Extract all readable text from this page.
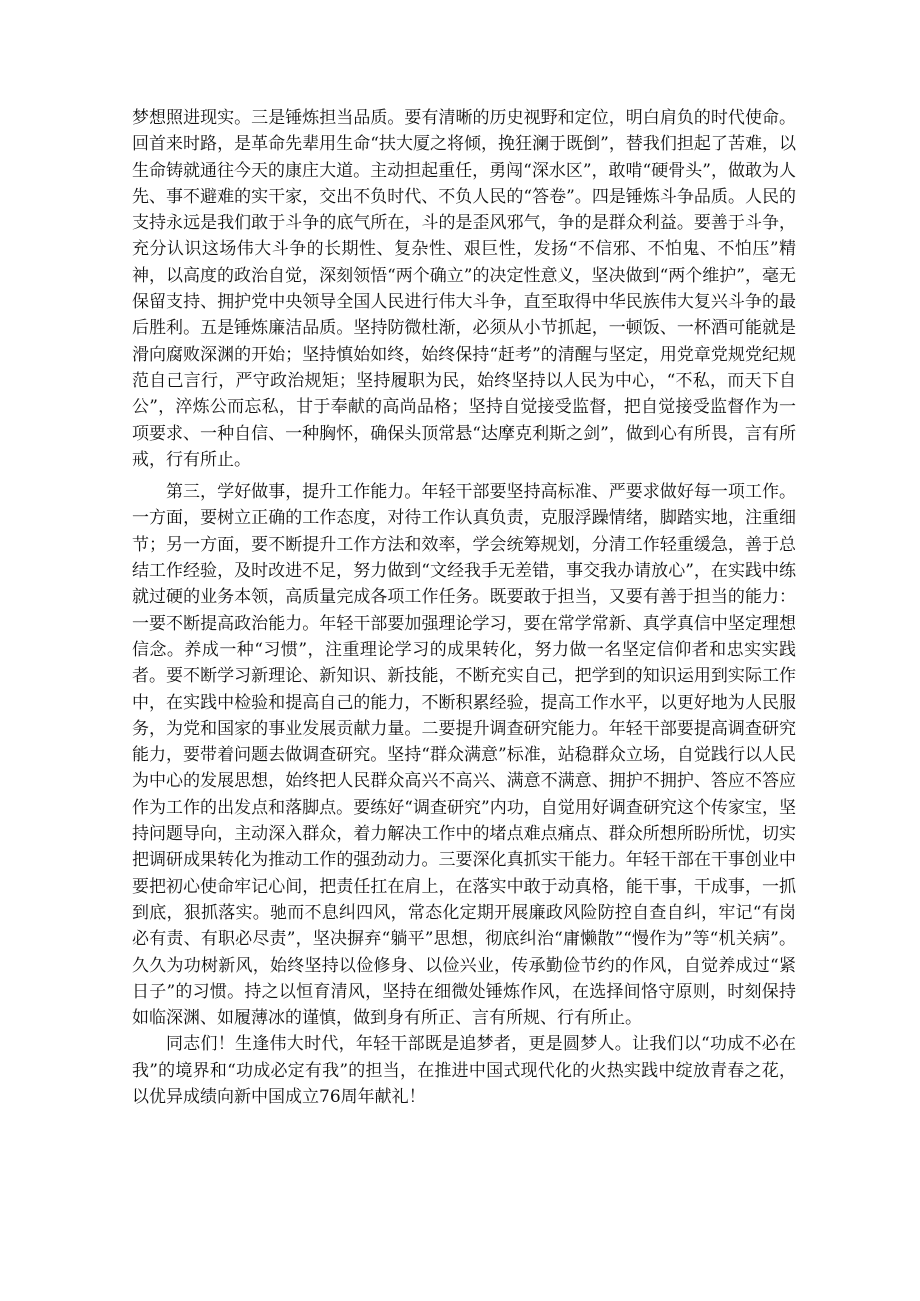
梦想照进现实。三是锤炼担当品质。要有清晰的历史视野和定位，明白肩负的时代使命。回首来时路，是革命先辈用生命“扶大厦之将倾，挽狂澜于既倒”，替我们担起了苦难，以生命铸就通往今天的康庄大道。主动担起重任，勇闯“深水区”，敢啃“硬骨头”，做敢为人先、事不避难的实干家，交出不负时代、不负人民的“答卷”。四是锤炼斗争品质。人民的支持永远是我们敢于斗争的底气所在，斗的是歪风邪气，争的是群众利益。要善于斗争，充分认识这场伟大斗争的长期性、复杂性、艰巨性，发扬“不信邪、不怕鬼、不怕压”精神，以高度的政治自觉，深刻领悟“两个确立”的决定性意义，坚决做到“两个维护”，毫无保留支持、拥护党中央领导全国人民进行伟大斗争，直至取得中华民族伟大复兴斗争的最后胜利。五是锤炼廉洁品质。坚持防微杜渐，必须从小节抓起，一顿饭、一杯酒可能就是滑向腐败深渊的开始；坚持慎始如终，始终保持“赶考”的清醒与坚定，用党章党规党纪规范自己言行，严守政治规矩；坚持履职为民，始终坚持以人民为中心，“不私，而天下自公”，淬炼公而忘私，甘于奉献的高尚品格；坚持自觉接受监督，把自觉接受监督作为一项要求、一种自信、一种胸怀，确保头顶常悬“达摩克利斯之剑”，做到心有所畏，言有所戒，行有所止。

第三，学好做事，提升工作能力。年轻干部要坚持高标准、严要求做好每一项工作。一方面，要树立正确的工作态度，对待工作认真负责，克服浮躁情绪，脚踏实地，注重细节；另一方面，要不断提升工作方法和效率，学会统筹规划，分清工作轻重缓急，善于总结工作经验，及时改进不足，努力做到“文经我手无差错，事交我办请放心”，在实践中练就过硬的业务本领，高质量完成各项工作任务。既要敢于担当，又要有善于担当的能力：一要不断提高政治能力。年轻干部要加强理论学习，要在常学常新、真学真信中坚定理想信念。养成一种“习惯”，注重理论学习的成果转化，努力做一名坚定信仰者和忠实实践者。要不断学习新理论、新知识、新技能，不断充实自己，把学到的知识运用到实际工作中，在实践中检验和提高自己的能力，不断积累经验，提高工作水平，以更好地为人民服务，为党和国家的事业发展贡献力量。二要提升调查研究能力。年轻干部要提高调查研究能力，要带着问题去做调查研究。坚持“群众满意”标准，站稳群众立场，自觉践行以人民为中心的发展思想，始终把人民群众高兴不高兴、满意不满意、拥护不拥护、答应不答应作为工作的出发点和落脚点。要练好“调查研究”内功，自觉用好调查研究这个传家宝，坚持问题导向，主动深入群众，着力解决工作中的堵点难点痛点、群众所想所盼所忧，切实把调研成果转化为推动工作的强劲动力。三要深化真抓实干能力。年轻干部在干事创业中要把初心使命牢记心间，把责任扛在肩上，在落实中敢于动真格，能干事，干成事，一抓到底，狠抓落实。驰而不息纠四风，常态化定期开展廉政风险防控自查自纠，牢记“有岗必有责、有职必尽责”，坚决摒弃“躺平”思想，彻底纠治“庸懒散”“慢作为”等“机关病”。久久为功树新风，始终坚持以俭修身、以俭兴业，传承勤俭节约的作风，自觉养成过“紧日子”的习惯。持之以恒育清风，坚持在细微处锤炼作风，在选择间恪守原则，时刻保持如临深渊、如履薄冰的谨慎，做到身有所正、言有所规、行有所止。

同志们！生逢伟大时代，年轻干部既是追梦者，更是圆梦人。让我们以“功成不必在我”的境界和“功成必定有我”的担当，在推进中国式现代化的火热实践中绽放青春之花，以优异成绩向新中国成立76周年献礼！
